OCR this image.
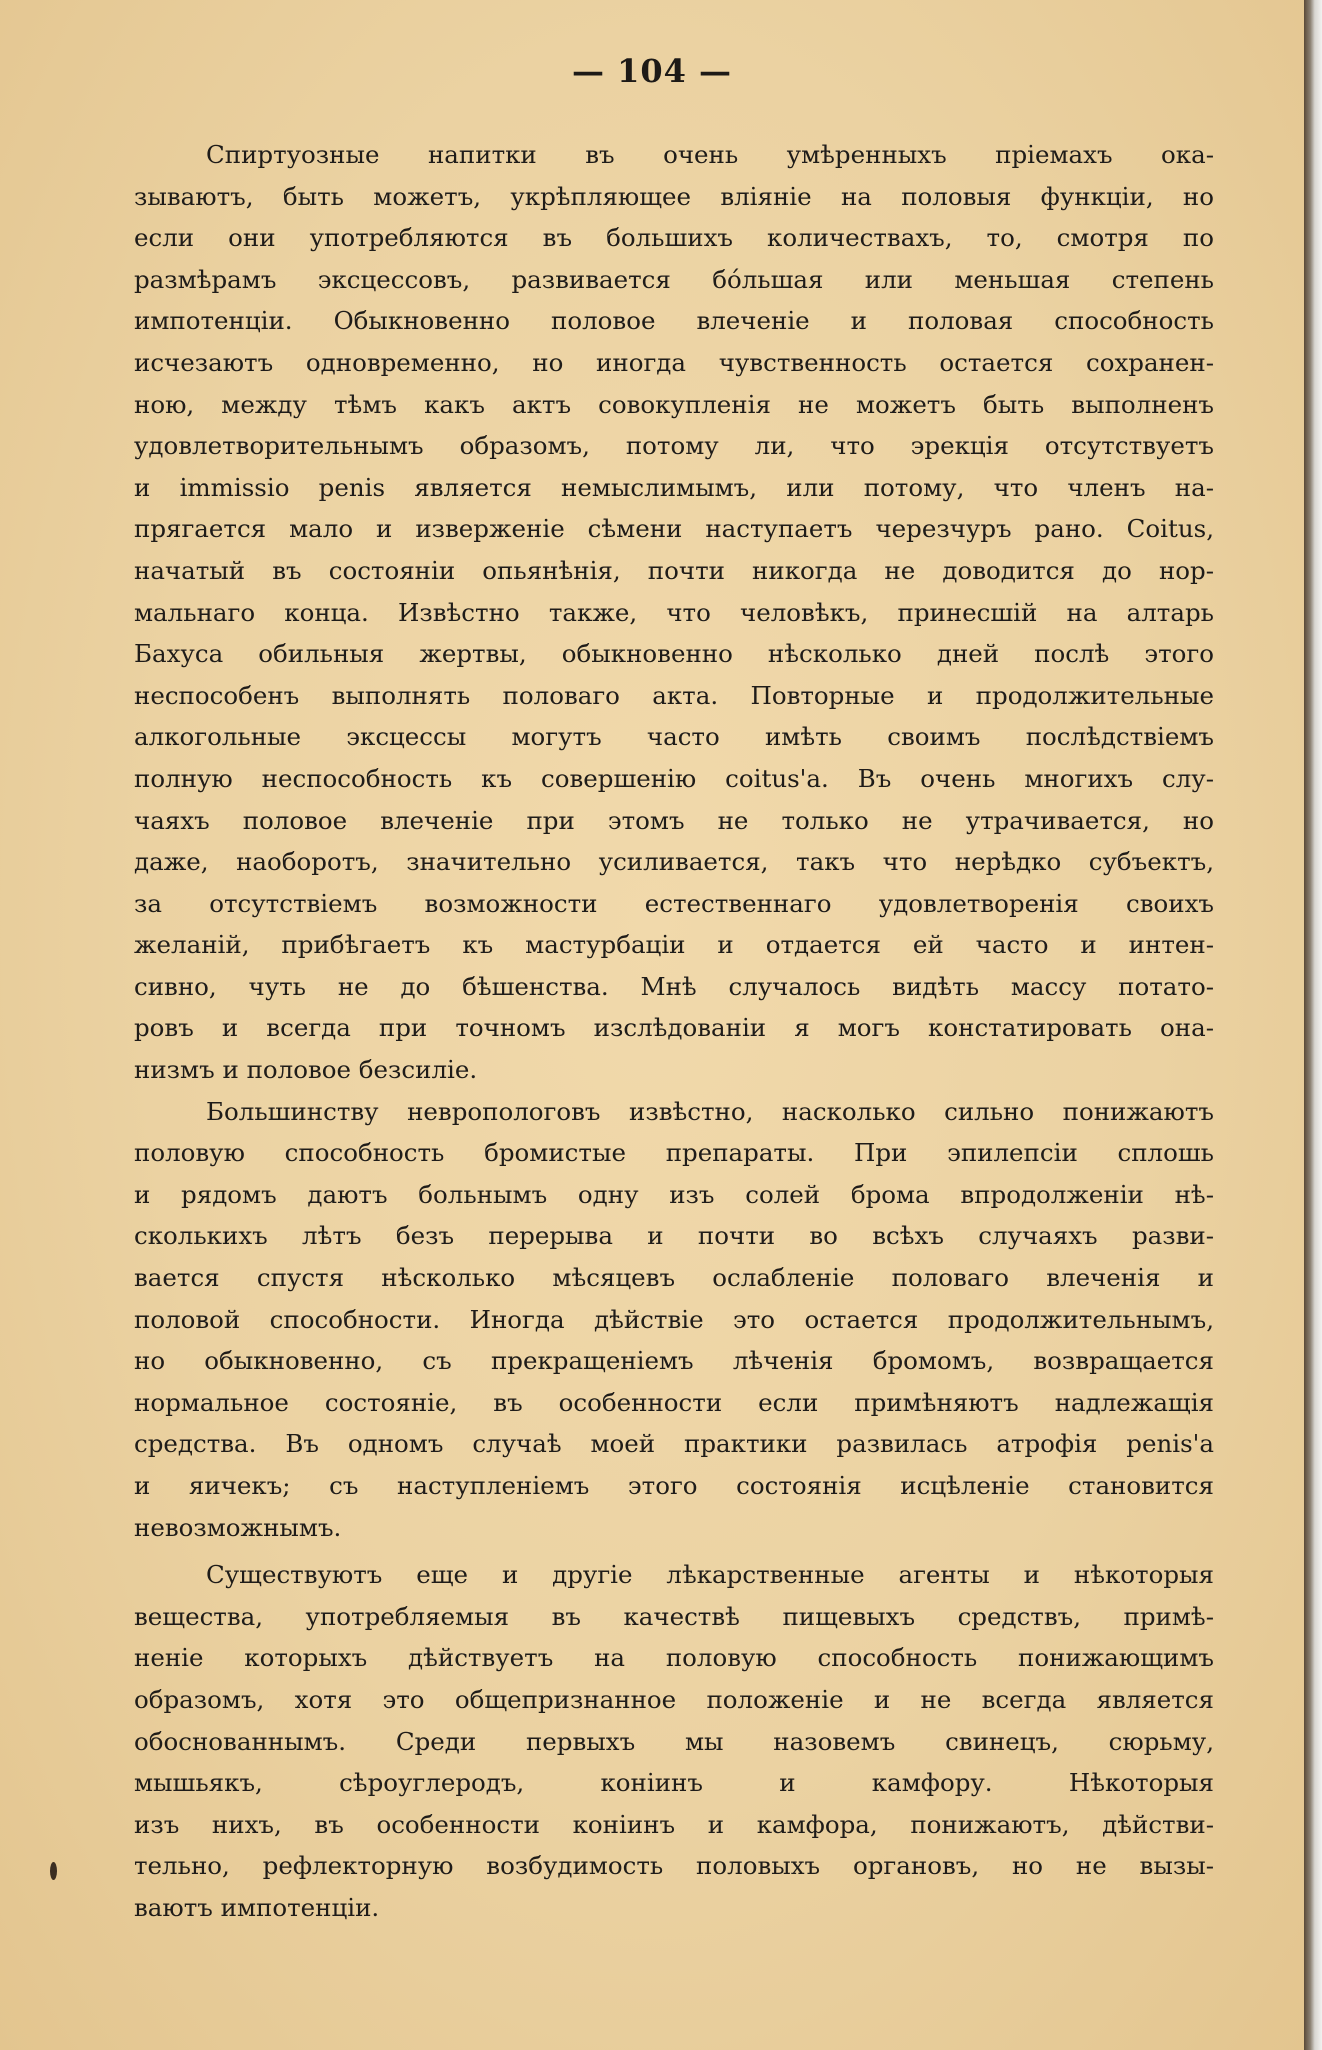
— 104 —
Спиртуозные напитки въ очень умѣренныхъ пріемахъ ока-
зываютъ, быть можетъ, укрѣпляющее вліяніе на половыя функціи, но
если они употребляются въ большихъ количествахъ, то, смотря по
размѣрамъ эксцессовъ, развивается бóльшая или меньшая степень
импотенціи. Обыкновенно половое влеченіе и половая способность
исчезаютъ одновременно, но иногда чувственность остается сохранен-
ною, между тѣмъ какъ актъ совокупленія не можетъ быть выполненъ
удовлетворительнымъ образомъ, потому ли, что эрекція отсутствуетъ
и immissio penis является немыслимымъ, или потому, что членъ на-
прягается мало и изверженіе сѣмени наступаетъ черезчуръ рано. Coitus,
начатый въ состояніи опьянѣнія, почти никогда не доводится до нор-
мальнаго конца. Извѣстно также, что человѣкъ, принесшій на алтарь
Бахуса обильныя жертвы, обыкновенно нѣсколько дней послѣ этого
неспособенъ выполнять половаго акта. Повторные и продолжительные
алкогольные эксцессы могутъ часто имѣть своимъ послѣдствіемъ
полную неспособность къ совершенію coitus'а. Въ очень многихъ слу-
чаяхъ половое влеченіе при этомъ не только не утрачивается, но
даже, наоборотъ, значительно усиливается, такъ что нерѣдко субъектъ,
за отсутствіемъ возможности естественнаго удовлетворенія своихъ
желаній, прибѣгаетъ къ мастурбаціи и отдается ей часто и интен-
сивно, чуть не до бѣшенства. Мнѣ случалось видѣть массу потато-
ровъ и всегда при точномъ изслѣдованіи я могъ констатировать она-
низмъ и половое безсиліе.
Большинству невропологовъ извѣстно, насколько сильно понижаютъ
половую способность бромистые препараты. При эпилепсіи сплошь
и рядомъ даютъ больнымъ одну изъ солей брома впродолженіи нѣ-
сколькихъ лѣтъ безъ перерыва и почти во всѣхъ случаяхъ разви-
вается спустя нѣсколько мѣсяцевъ ослабленіе половаго влеченія и
половой способности. Иногда дѣйствіе это остается продолжительнымъ,
но обыкновенно, съ прекращеніемъ лѣченія бромомъ, возвращается
нормальное состояніе, въ особенности если примѣняютъ надлежащія
средства. Въ одномъ случаѣ моей практики развилась атрофія penis'а
и яичекъ; съ наступленіемъ этого состоянія исцѣленіе становится
невозможнымъ.
Существуютъ еще и другіе лѣкарственные агенты и нѣкоторыя
вещества, употребляемыя въ качествѣ пищевыхъ средствъ, примѣ-
неніе которыхъ дѣйствуетъ на половую способность понижающимъ
образомъ, хотя это общепризнанное положеніе и не всегда является
обоснованнымъ. Среди первыхъ мы назовемъ свинецъ, сюрьму,
мышьякъ, сѣроуглеродъ, коніинъ и камфору. Нѣкоторыя
изъ нихъ, въ особенности коніинъ и камфора, понижаютъ, дѣйстви-
тельно, рефлекторную возбудимость половыхъ органовъ, но не вызы-
ваютъ импотенціи.
